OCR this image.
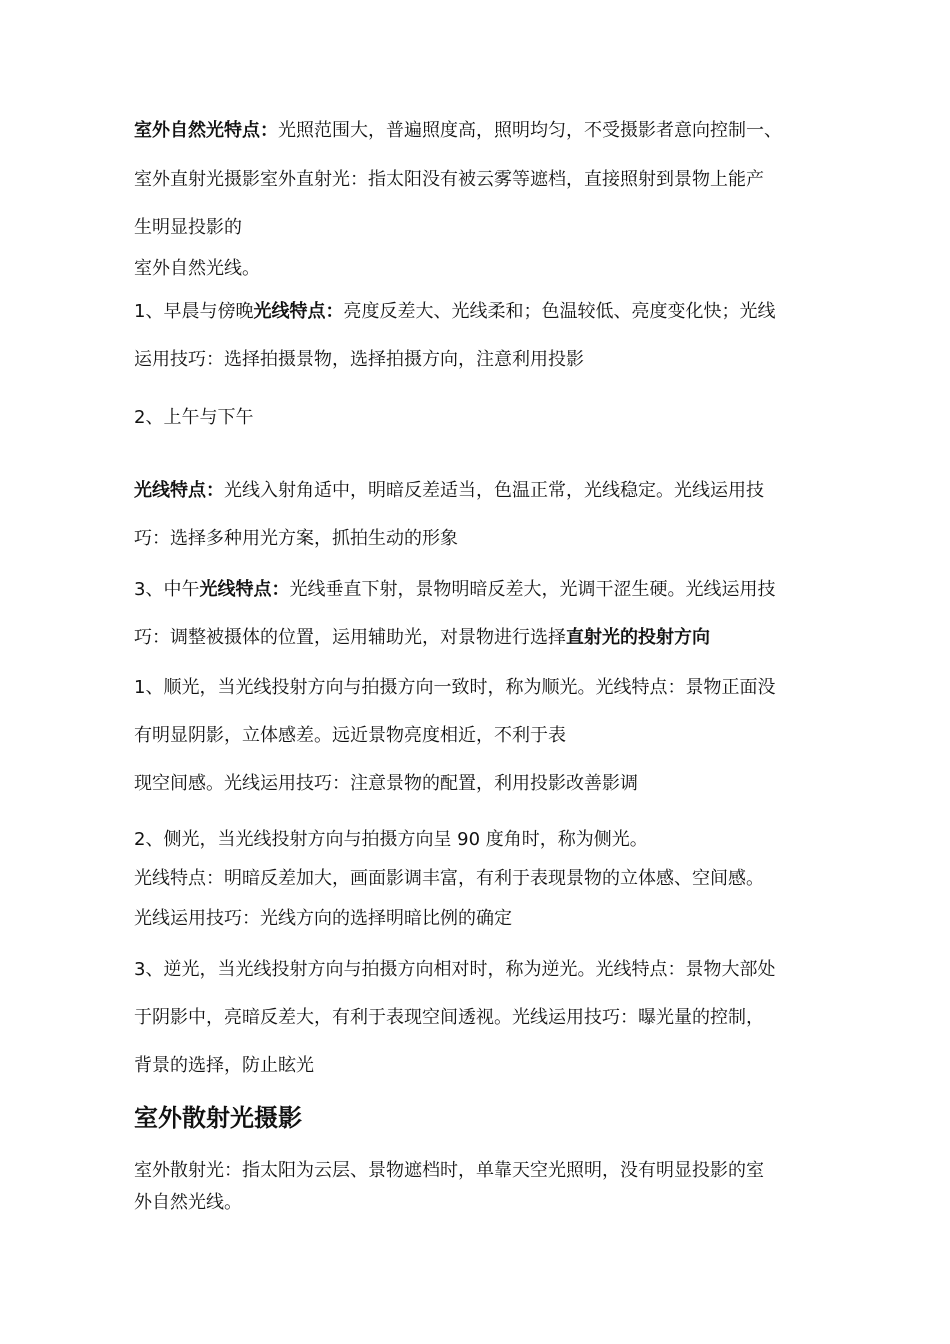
室外自然光特点：光照范围大，普遍照度高，照明均匀，不受摄影者意向控制一、
室外直射光摄影室外直射光：指太阳没有被云雾等遮档，直接照射到景物上能产
生明显投影的
室外自然光线。
1、早晨与傍晚光线特点：亮度反差大、光线柔和；色温较低、亮度变化快；光线
运用技巧：选择拍摄景物，选择拍摄方向，注意利用投影
2、上午与下午
光线特点：光线入射角适中，明暗反差适当，色温正常，光线稳定。光线运用技
巧：选择多种用光方案，抓拍生动的形象
3、中午光线特点：光线垂直下射，景物明暗反差大，光调干涩生硬。光线运用技
巧：调整被摄体的位置，运用辅助光，对景物进行选择直射光的投射方向
1、顺光，当光线投射方向与拍摄方向一致时，称为顺光。光线特点：景物正面没
有明显阴影，立体感差。远近景物亮度相近，不利于表
现空间感。光线运用技巧：注意景物的配置，利用投影改善影调
2、侧光，当光线投射方向与拍摄方向呈 90 度角时，称为侧光。
光线特点：明暗反差加大，画面影调丰富，有利于表现景物的立体感、空间感。
光线运用技巧：光线方向的选择明暗比例的确定
3、逆光，当光线投射方向与拍摄方向相对时，称为逆光。光线特点：景物大部处
于阴影中，亮暗反差大，有利于表现空间透视。光线运用技巧：曝光量的控制，
背景的选择，防止眩光
室外散射光摄影
室外散射光：指太阳为云层、景物遮档时，单靠天空光照明，没有明显投影的室
外自然光线。
